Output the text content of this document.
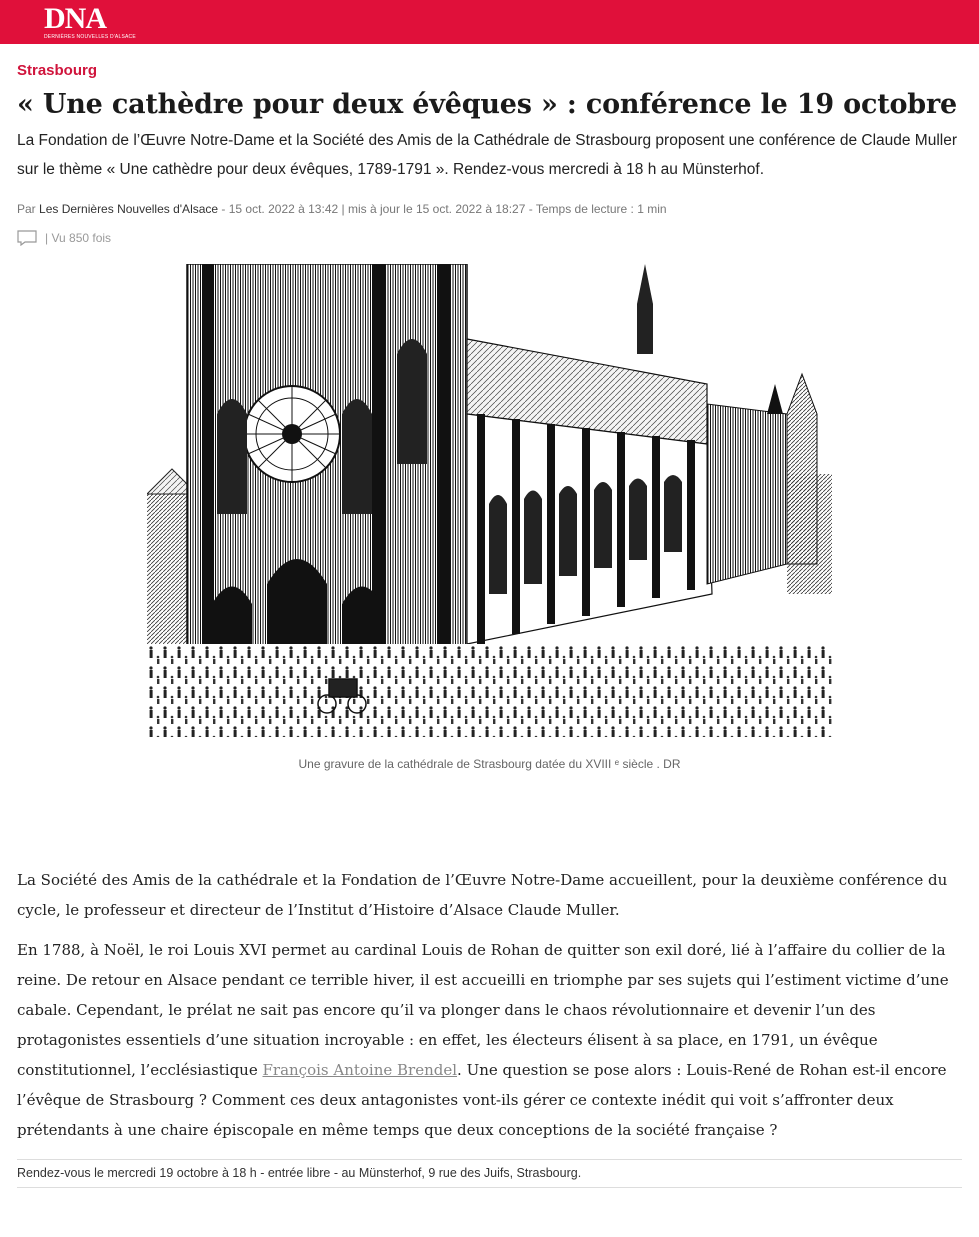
DNA
DERNIÈRES NOUVELLES D'ALSACE
Strasbourg
« Une cathèdre pour deux évêques » : conférence le 19 octobre
La Fondation de l’Œuvre Notre-Dame et la Société des Amis de la Cathédrale de Strasbourg proposent une conférence de Claude Muller sur le thème « Une cathèdre pour deux évêques, 1789-1791 ». Rendez-vous mercredi à 18 h au Münsterhof.
Par Les Dernières Nouvelles d'Alsace - 15 oct. 2022 à 13:42 | mis à jour le 15 oct. 2022 à 18:27 - Temps de lecture : 1 min
| Vu 850 fois
Une gravure de la cathédrale de Strasbourg datée du XVIII ᵉ siècle . DR

La Société des Amis de la cathédrale et la Fondation de l’Œuvre Notre-Dame accueillent, pour la deuxième conférence du cycle, le professeur et directeur de l’Institut d’Histoire d’Alsace Claude Muller.

En 1788, à Noël, le roi Louis XVI permet au cardinal Louis de Rohan de quitter son exil doré, lié à l’affaire du collier de la reine. De retour en Alsace pendant ce terrible hiver, il est accueilli en triomphe par ses sujets qui l’estiment victime d’une cabale. Cependant, le prélat ne sait pas encore qu’il va plonger dans le chaos révolutionnaire et devenir l’un des protagonistes essentiels d’une situation incroyable : en effet, les électeurs élisent à sa place, en 1791, un évêque constitutionnel, l’ecclésiastique François Antoine Brendel. Une question se pose alors : Louis-René de Rohan est-il encore l’évêque de Strasbourg ? Comment ces deux antagonistes vont-ils gérer ce contexte inédit qui voit s’affronter deux prétendants à une chaire épiscopale en même temps que deux conceptions de la société française ?

Rendez-vous le mercredi 19 octobre à 18 h - entrée libre - au Münsterhof, 9 rue des Juifs, Strasbourg.
